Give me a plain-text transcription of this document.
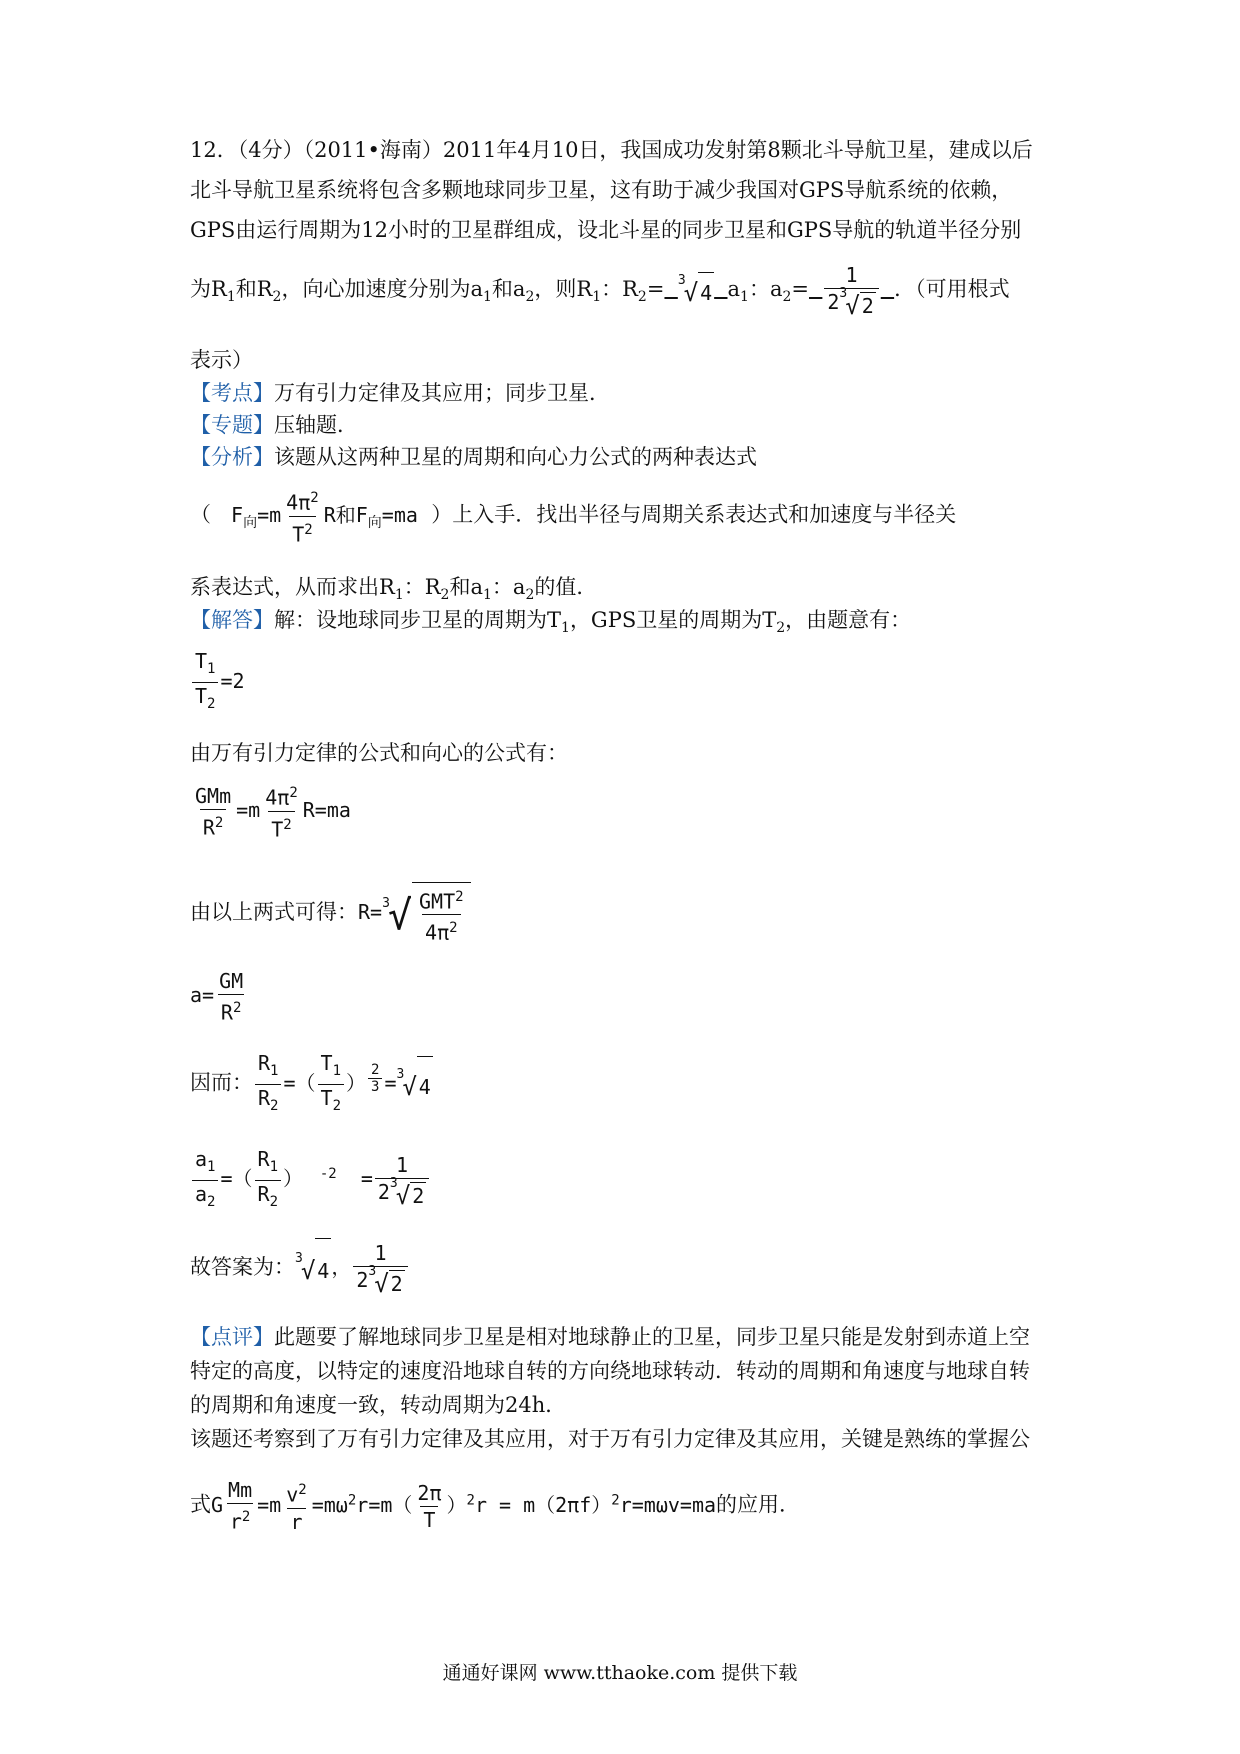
12．（4分）（2011•海南）2011年4月10日，我国成功发射第8颗北斗导航卫星，建成以后
北斗导航卫星系统将包含多颗地球同步卫星，这有助于减少我国对GPS导航系统的依赖，
GPS由运行周期为12小时的卫星群组成，设北斗星的同步卫星和GPS导航的轨道半径分别
为$R_1$和$R_2$，向心加速度分别为$a_1$和$a_2$，则$R_1$：$R_2= 3$
√ 4 $a_1$：$a_2= 1$
2 3
√ 2 ．（可用根式
表示）
【考点】万有引力定律及其应用；同步卫星．
【专题】压轴题．
【分析】该题从这两种卫星的周期和向心力公式的两种表达式
（   $F_向=m \frac{4\pi^2}{T^2}$ R和$F_向=ma$ ）上入手．找出半径与周期关系表达式和加速度与半径关
系表达式，从而求出$R_1$：$R_2$和$a_1$：$a_2$的值．
【解答】解：设地球同步卫星的周期为$T_1$，GPS卫星的周期为$T_2$，由题意有：
$\frac{T_1}{T_2} =2$
由万有引力定律的公式和向心的公式有：
$\frac{\text{GMm}}{R^2} =m \frac{4\pi^2}{T^2} R=ma$
由以上两式可得：R= 3
√ $\frac{GMT^2}{4\pi^2}$
$a= \frac{GM}{R^2}$
因而： $\frac{R_1}{R_2}$ =（ $\frac{T_1}{T_2}$ ） $^{\frac{2}{3}}$ = 3
√ 4
$\frac{a_1}{a_2}$ =（ $\frac{R_1}{R_2}$ ）  $^{-2}$  = 1
2 3
√ 2
故答案为： 3
√ 4 ， 1
2 3
√ 2
【点评】此题要了解地球同步卫星是相对地球静止的卫星，同步卫星只能是发射到赤道上空
特定的高度，以特定的速度沿地球自转的方向绕地球转动．转动的周期和角速度与地球自转
的周期和角速度一致，转动周期为24h．
该题还考察到了万有引力定律及其应用，对于万有引力定律及其应用，关键是熟练的掌握公
式G $\frac{Mm}{r^2} =m \frac{v^2}{r} =m\omega^2r=m( \frac{2\pi}{T} )^2r = m(2\pi f)^2r=m\omega v=ma$的应用．
通通好课网 www.tthaoke.com 提供下载
